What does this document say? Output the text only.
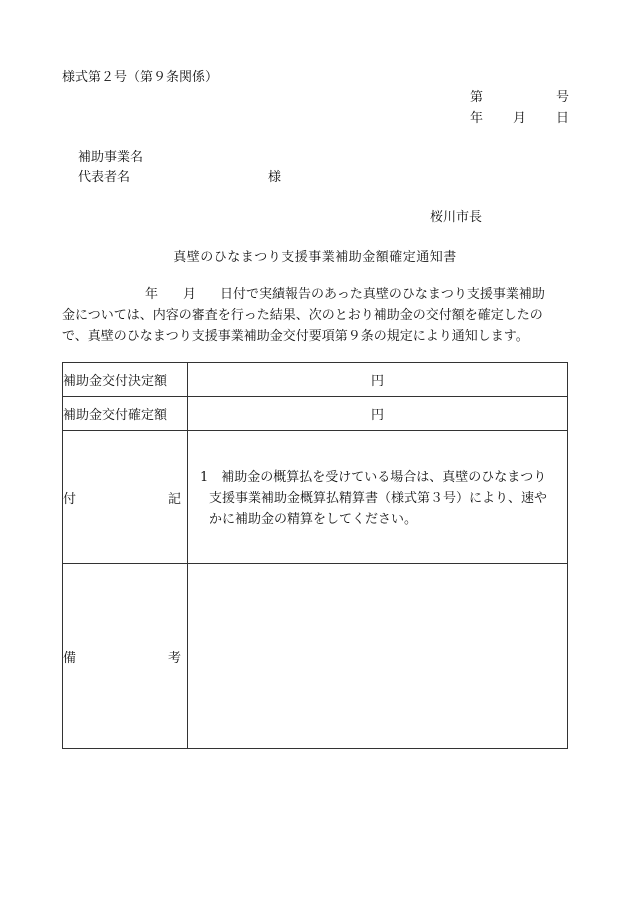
様式第２号（第９条関係）
第	号
年 月 日
補助事業名
代表者名	様
桜川市長
真壁のひなまつり支援事業補助金額確定通知書
年 月 日付で実績報告のあった真壁のひなまつり支援事業補助
金については、内容の審査を行った結果、次のとおり補助金の交付額を確定したの
で、真壁のひなまつり支援事業補助金交付要項第９条の規定により通知します。
補助金交付決定額	円
補助金交付確定額	円

付 記	1　補助金の概算払を受けている場合は、真壁のひなまつり
支援事業補助金概算払精算書（様式第３号）により、速や
かに補助金の精算をしてください。

備 考	
